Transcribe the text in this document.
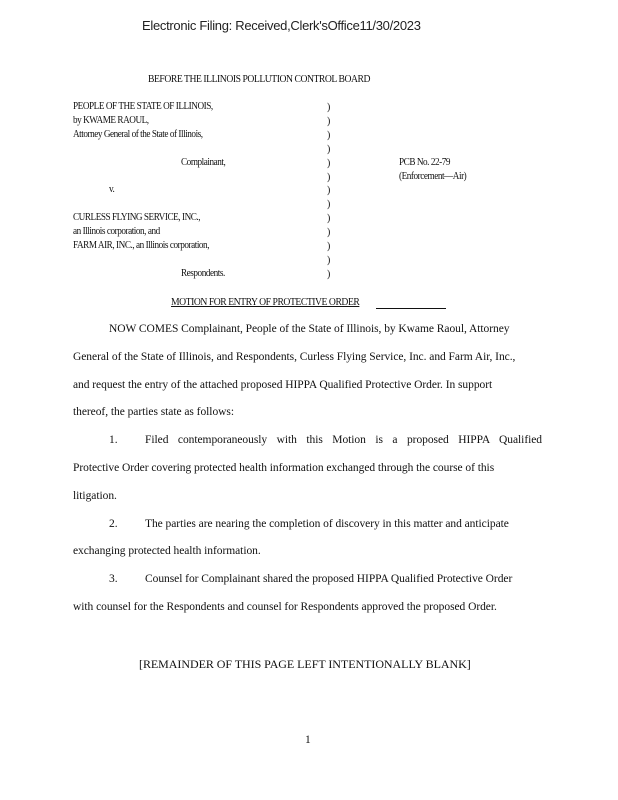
Electronic Filing: Received,Clerk'sOffice11/30/2023
BEFORE THE ILLINOIS POLLUTION CONTROL BOARD
PEOPLE OF THE STATE OF ILLINOIS,
by KWAME RAOUL,
Attorney General of the State of Illinois,
Complainant,
v.
CURLESS FLYING SERVICE, INC.,
an Illinois corporation, and
FARM AIR, INC., an Illinois corporation,
Respondents.
)
)
)
)
)
)
)
)
)
)
)
)
)
PCB No. 22-79
(Enforcement—Air)
MOTION FOR ENTRY OF PROTECTIVE ORDER
NOW COMES Complainant, People of the State of Illinois, by Kwame Raoul, Attorney
General of the State of Illinois, and Respondents, Curless Flying Service, Inc. and Farm Air, Inc.,
and request the entry of the attached proposed HIPPA Qualified Protective Order. In support
thereof, the parties state as follows:
1. Filed contemporaneously with this Motion is a proposed HIPPA Qualified
Protective Order covering protected health information exchanged through the course of this
litigation.
2. The parties are nearing the completion of discovery in this matter and anticipate
exchanging protected health information.
3. Counsel for Complainant shared the proposed HIPPA Qualified Protective Order
with counsel for the Respondents and counsel for Respondents approved the proposed Order.
[REMAINDER OF THIS PAGE LEFT INTENTIONALLY BLANK]
1
